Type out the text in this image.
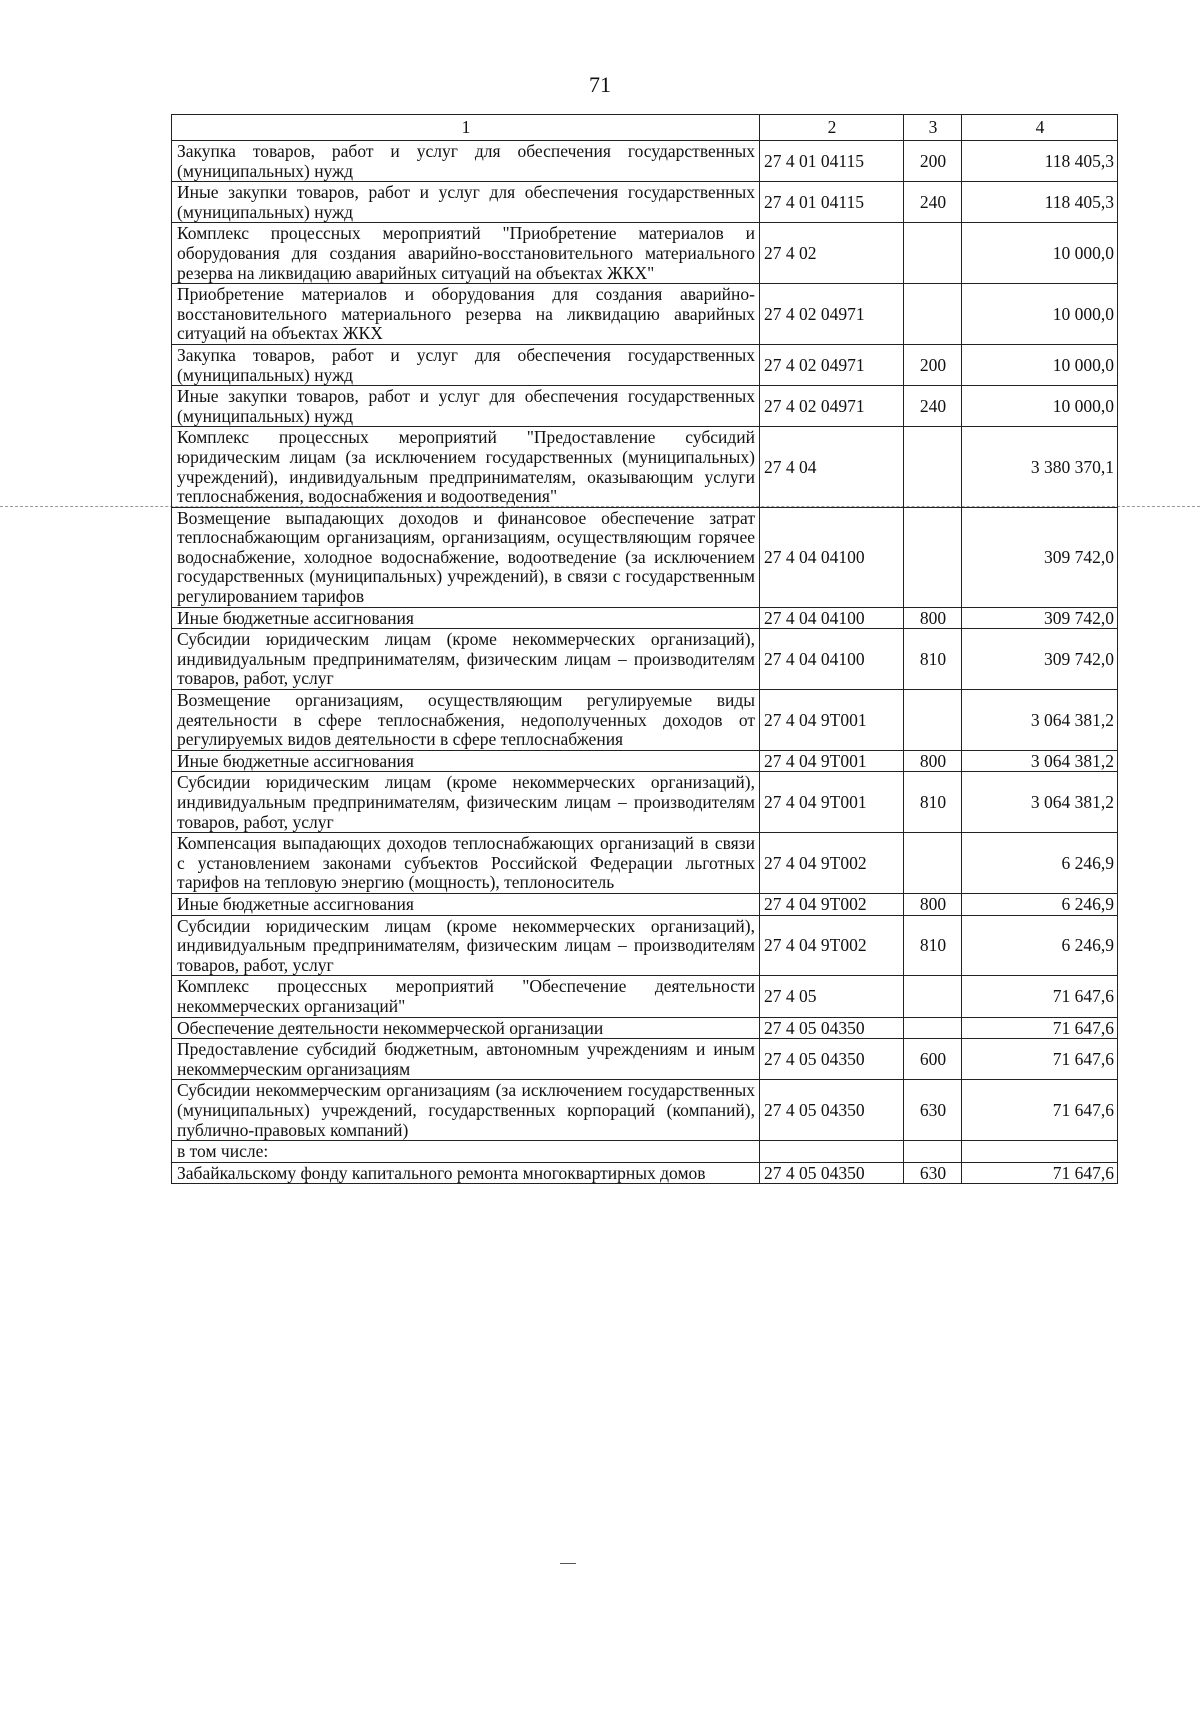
71
1	2	3	4
Закупка товаров, работ и услуг для обеспечения государственных (муниципальных) нужд	27 4 01 04115	200	118 405,3
Иные закупки товаров, работ и услуг для обеспечения государственных (муниципальных) нужд	27 4 01 04115	240	118 405,3
Комплекс процессных мероприятий "Приобретение материалов и оборудования для создания аварийно-восстановительного материального резерва на ликвидацию аварийных ситуаций на объектах ЖКХ"	27 4 02		10 000,0
Приобретение материалов и оборудования для создания аварийно-восстановительного материального резерва на ликвидацию аварийных ситуаций на объектах ЖКХ	27 4 02 04971		10 000,0
Закупка товаров, работ и услуг для обеспечения государственных (муниципальных) нужд	27 4 02 04971	200	10 000,0
Иные закупки товаров, работ и услуг для обеспечения государственных (муниципальных) нужд	27 4 02 04971	240	10 000,0
Комплекс процессных мероприятий "Предоставление субсидий юридическим лицам (за исключением государственных (муниципальных) учреждений), индивидуальным предпринимателям, оказывающим услуги теплоснабжения, водоснабжения и водоотведения"	27 4 04		3 380 370,1
Возмещение выпадающих доходов и финансовое обеспечение затрат теплоснабжающим организациям, организациям, осуществляющим горячее водоснабжение, холодное водоснабжение, водоотведение (за исключением государственных (муниципальных) учреждений), в связи с государственным регулированием тарифов	27 4 04 04100		309 742,0
Иные бюджетные ассигнования	27 4 04 04100	800	309 742,0
Субсидии юридическим лицам (кроме некоммерческих организаций), индивидуальным предпринимателям, физическим лицам – производителям товаров, работ, услуг	27 4 04 04100	810	309 742,0
Возмещение организациям, осуществляющим регулируемые виды деятельности в сфере теплоснабжения, недополученных доходов от регулируемых видов деятельности в сфере теплоснабжения	27 4 04 9Т001		3 064 381,2
Иные бюджетные ассигнования	27 4 04 9Т001	800	3 064 381,2
Субсидии юридическим лицам (кроме некоммерческих организаций), индивидуальным предпринимателям, физическим лицам – производителям товаров, работ, услуг	27 4 04 9Т001	810	3 064 381,2
Компенсация выпадающих доходов теплоснабжающих организаций в связи с установлением законами субъектов Российской Федерации льготных тарифов на тепловую энергию (мощность), теплоноситель	27 4 04 9Т002		6 246,9
Иные бюджетные ассигнования	27 4 04 9Т002	800	6 246,9
Субсидии юридическим лицам (кроме некоммерческих организаций), индивидуальным предпринимателям, физическим лицам – производителям товаров, работ, услуг	27 4 04 9Т002	810	6 246,9
Комплекс процессных мероприятий "Обеспечение деятельности некоммерческих организаций"	27 4 05		71 647,6
Обеспечение деятельности некоммерческой организации	27 4 05 04350		71 647,6
Предоставление субсидий бюджетным, автономным учреждениям и иным некоммерческим организациям	27 4 05 04350	600	71 647,6
Субсидии некоммерческим организациям (за исключением государственных (муниципальных) учреждений, государственных корпораций (компаний), публично-правовых компаний)	27 4 05 04350	630	71 647,6
в том числе:			
Забайкальскому фонду капитального ремонта многоквартирных домов	27 4 05 04350	630	71 647,6
